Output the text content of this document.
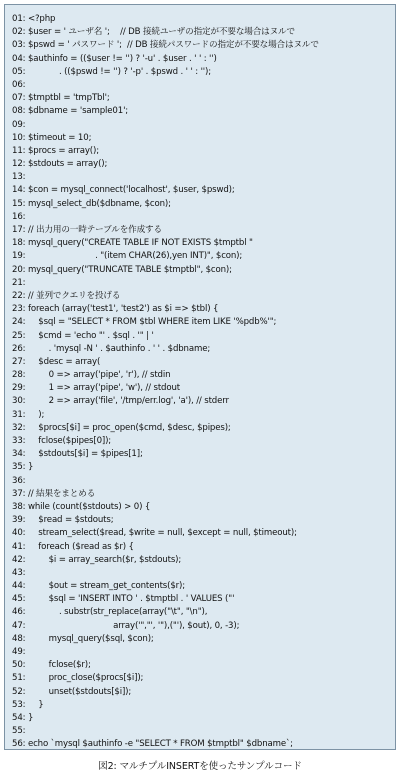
01: <?php
02: $user = ' ユーザ名 ';    // DB 接続ユーザの指定が不要な場合はヌルで
03: $pswd = ' パスワード ';  // DB 接続パスワードの指定が不要な場合はヌルで
04: $authinfo = (($user != '') ? '-u' . $user . ' ' : '')
05:             . (($pswd != '') ? '-p' . $pswd . ' ' : '');
06:
07: $tmptbl = 'tmpTbl';
08: $dbname = 'sample01';
09:
10: $timeout = 10;
11: $procs = array();
12: $stdouts = array();
13:
14: $con = mysql_connect('localhost', $user, $pswd);
15: mysql_select_db($dbname, $con);
16:
17: // 出力用の一時テーブルを作成する
18: mysql_query("CREATE TABLE IF NOT EXISTS $tmptbl "
19:                           . "(item CHAR(26),yen INT)", $con);
20: mysql_query("TRUNCATE TABLE $tmptbl", $con);
21:
22: // 並列でクエリを投げる
23: foreach (array('test1', 'test2') as $i => $tbl) {
24:     $sql = "SELECT * FROM $tbl WHERE item LIKE '%pdb%'";
25:     $cmd = 'echo "' . $sql . '" | '
26:         . 'mysql -N ' . $authinfo . ' ' . $dbname;
27:     $desc = array(
28:         0 => array('pipe', 'r'), // stdin
29:         1 => array('pipe', 'w'), // stdout
30:         2 => array('file', '/tmp/err.log', 'a'), // stderr
31:     );
32:     $procs[$i] = proc_open($cmd, $desc, $pipes);
33:     fclose($pipes[0]);
34:     $stdouts[$i] = $pipes[1];
35: }
36:
37: // 結果をまとめる
38: while (count($stdouts) > 0) {
39:     $read = $stdouts;
40:     stream_select($read, $write = null, $except = null, $timeout);
41:     foreach ($read as $r) {
42:         $i = array_search($r, $stdouts);
43:
44:         $out = stream_get_contents($r);
45:         $sql = 'INSERT INTO ' . $tmptbl . ' VALUES ("'
46:             . substr(str_replace(array("\t", "\n"),
47:                                  array('","', '"),("'), $out), 0, -3);
48:         mysql_query($sql, $con);
49:
50:         fclose($r);
51:         proc_close($procs[$i]);
52:         unset($stdouts[$i]);
53:     }
54: }
55:
56: echo `mysql $authinfo -e "SELECT * FROM $tmptbl" $dbname`;
図2: マルチプルINSERTを使ったサンプルコード
